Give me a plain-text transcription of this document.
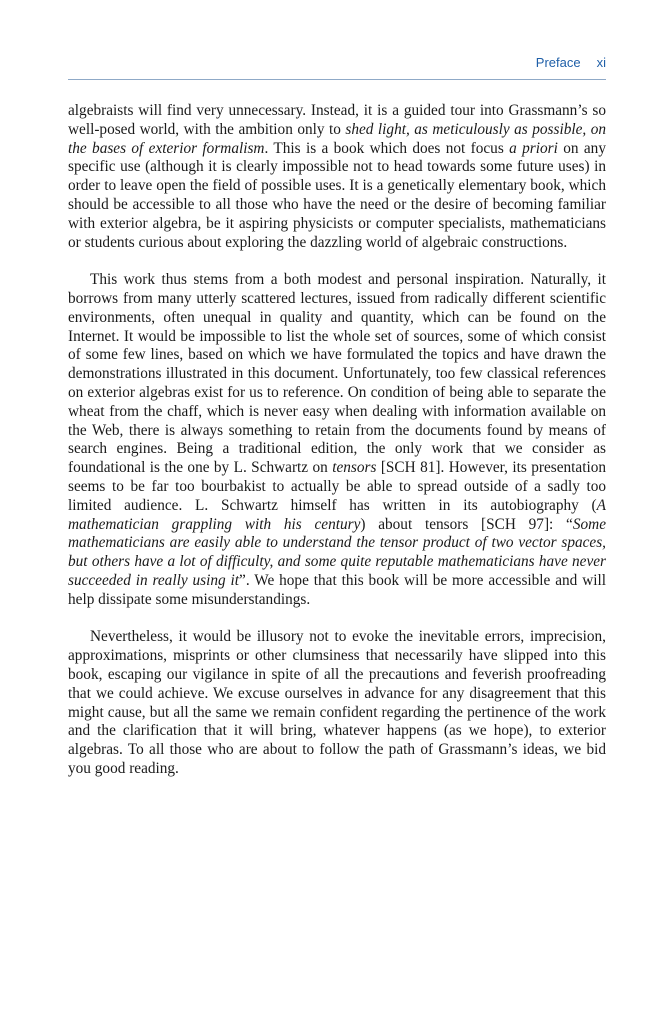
Preface xi

algebraists will find very unnecessary. Instead, it is a guided tour into Grassmann’s so well-posed world, with the ambition only to shed light, as meticulously as possible, on the bases of exterior formalism. This is a book which does not focus a priori on any specific use (although it is clearly impossible not to head towards some future uses) in order to leave open the field of possible uses. It is a genetically elementary book, which should be accessible to all those who have the need or the desire of becoming familiar with exterior algebra, be it aspiring physicists or computer specialists, mathematicians or students curious about exploring the dazzling world of algebraic constructions.

This work thus stems from a both modest and personal inspiration. Naturally, it borrows from many utterly scattered lectures, issued from radically different scientific environments, often unequal in quality and quantity, which can be found on the Internet. It would be impossible to list the whole set of sources, some of which consist of some few lines, based on which we have formulated the topics and have drawn the demonstrations illustrated in this document. Unfortunately, too few classical references on exterior algebras exist for us to reference. On condition of being able to separate the wheat from the chaff, which is never easy when dealing with information available on the Web, there is always something to retain from the documents found by means of search engines. Being a traditional edition, the only work that we consider as foundational is the one by L. Schwartz on tensors [SCH 81]. However, its presentation seems to be far too bourbakist to actually be able to spread outside of a sadly too limited audience. L. Schwartz himself has written in its autobiography (A mathematician grappling with his century) about tensors [SCH 97]: “Some mathematicians are easily able to understand the tensor product of two vector spaces, but others have a lot of difficulty, and some quite reputable mathematicians have never succeeded in really using it”. We hope that this book will be more accessible and will help dissipate some misunderstandings.

Nevertheless, it would be illusory not to evoke the inevitable errors, imprecision, approximations, misprints or other clumsiness that necessarily have slipped into this book, escaping our vigilance in spite of all the precautions and feverish proofreading that we could achieve. We excuse ourselves in advance for any disagreement that this might cause, but all the same we remain confident regarding the pertinence of the work and the clarification that it will bring, whatever happens (as we hope), to exterior algebras. To all those who are about to follow the path of Grassmann’s ideas, we bid you good reading.
